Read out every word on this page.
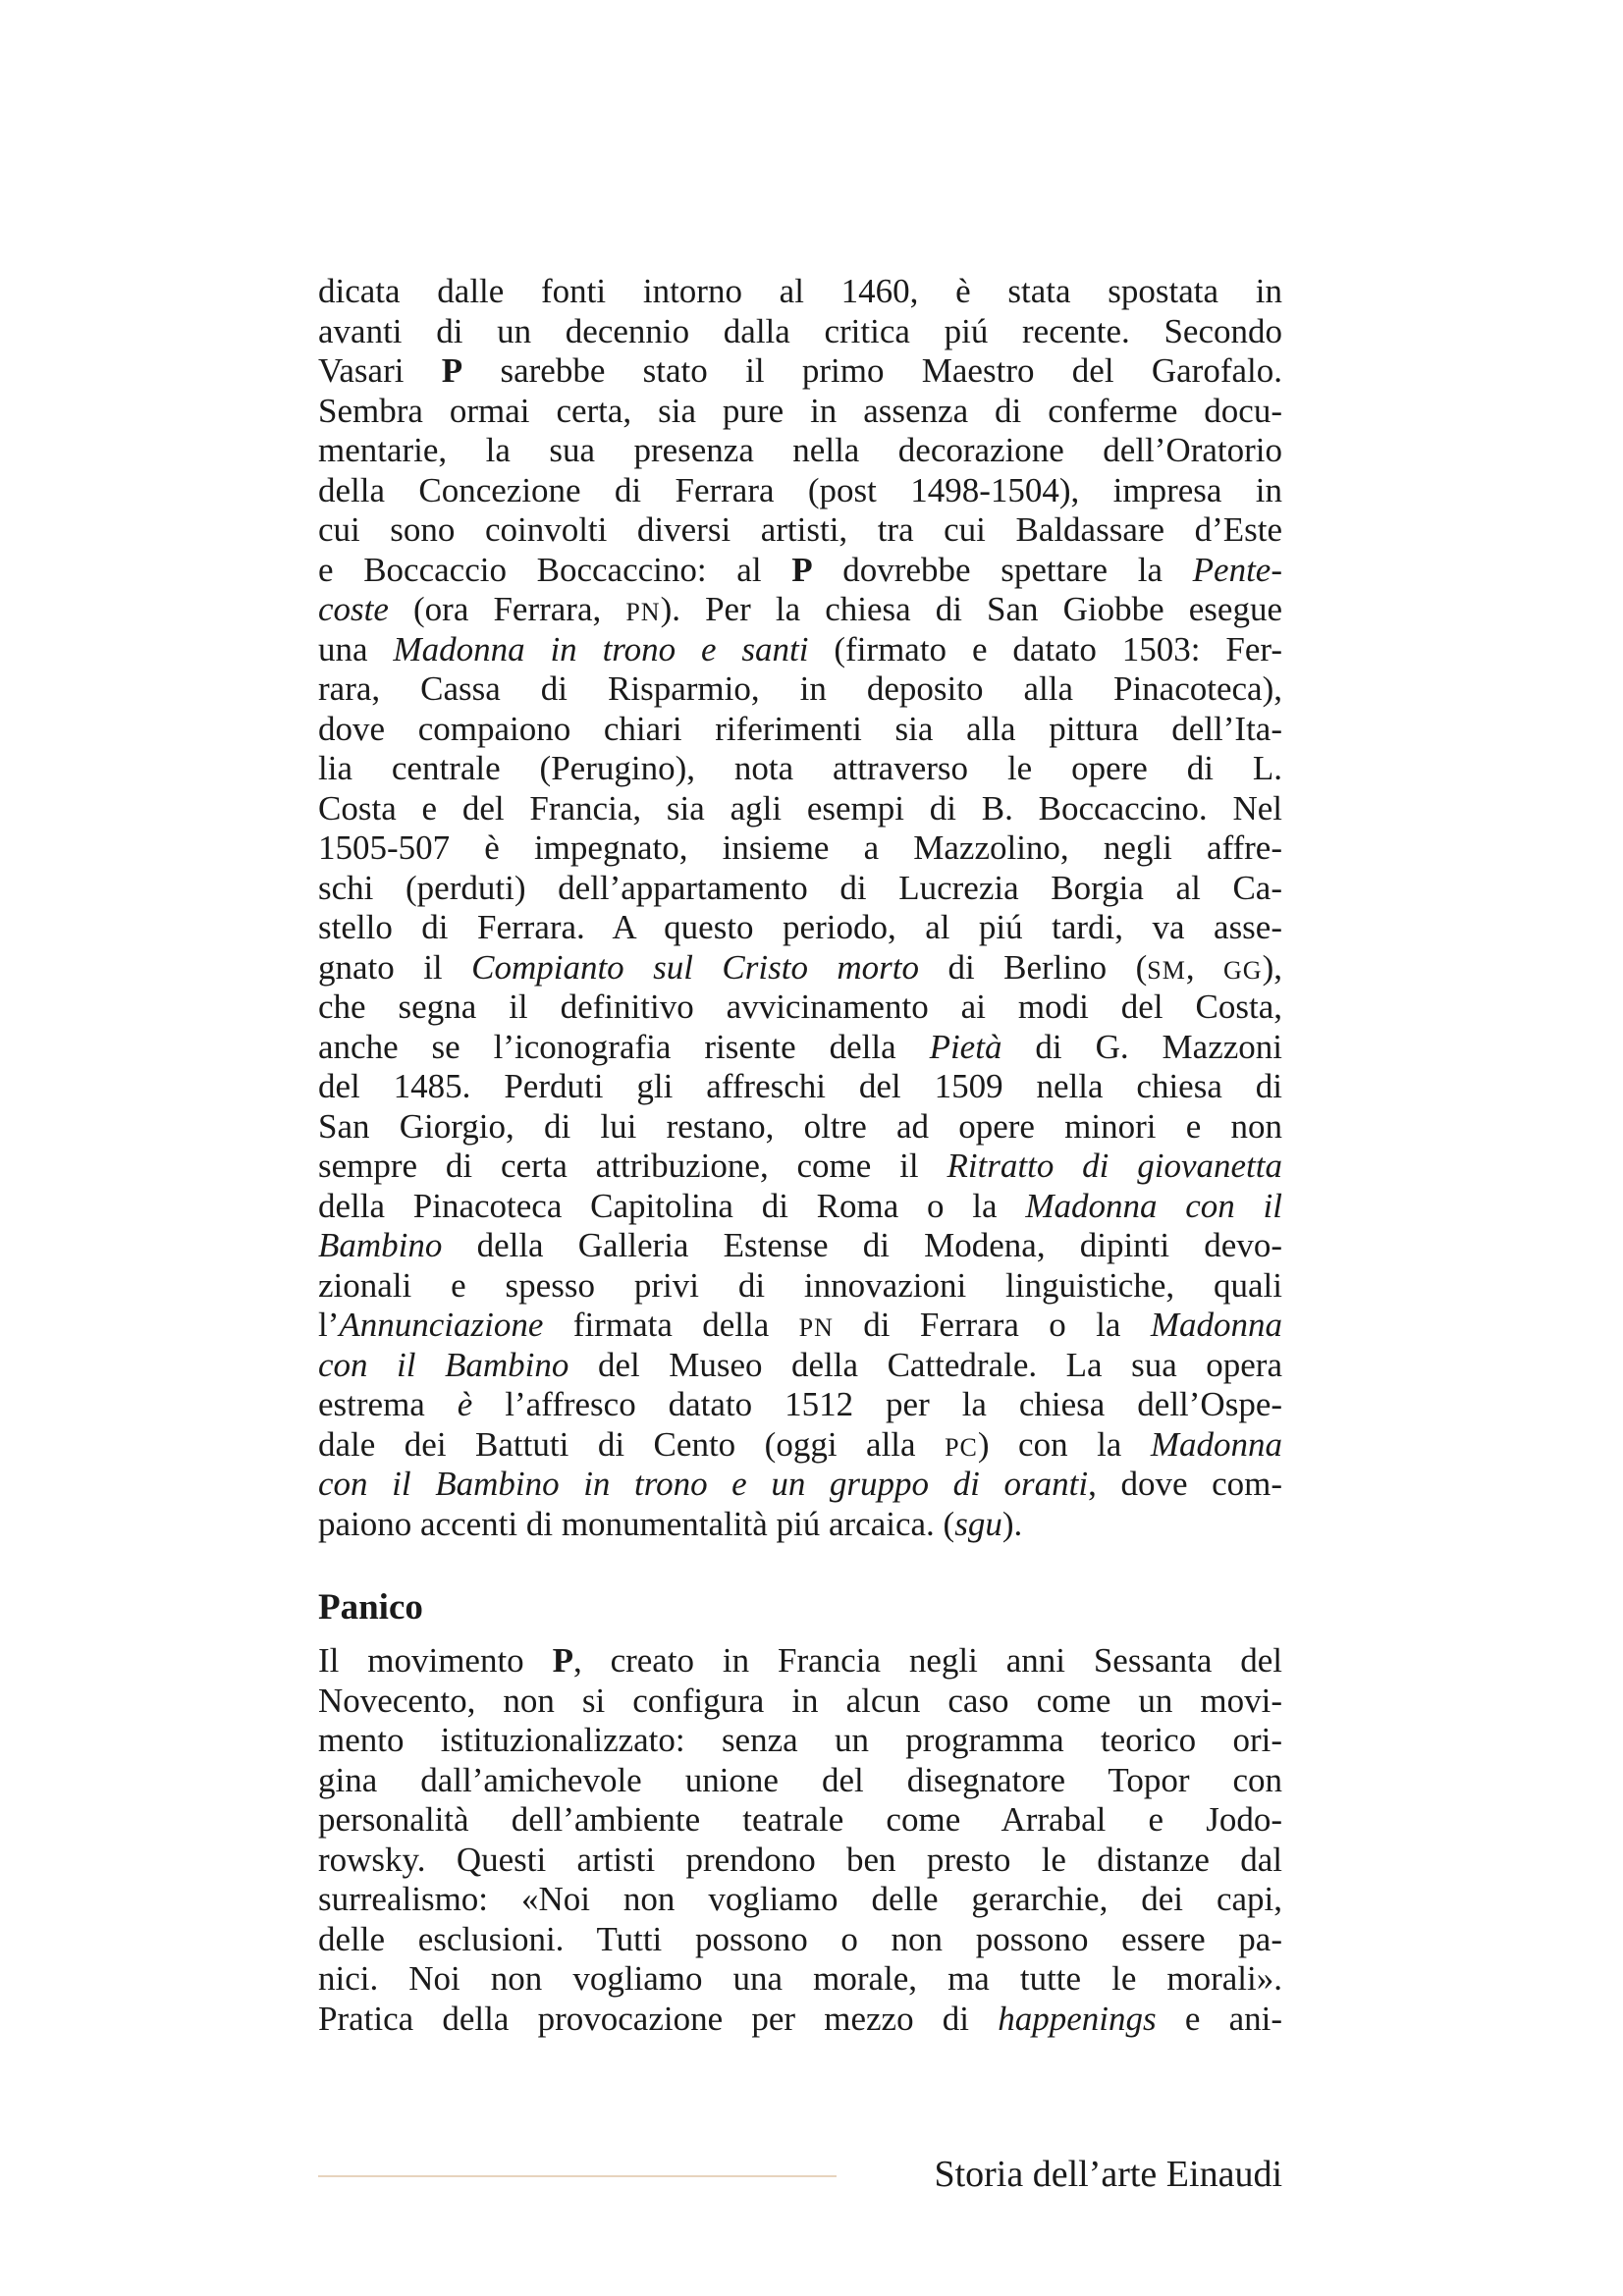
dicata dalle fonti intorno al 1460, è stata spostata in
avanti di un decennio dalla critica piú recente. Secondo
Vasari P sarebbe stato il primo Maestro del Garofalo.
Sembra ormai certa, sia pure in assenza di conferme docu-
mentarie, la sua presenza nella decorazione dell’Oratorio
della Concezione di Ferrara (post 1498-1504), impresa in
cui sono coinvolti diversi artisti, tra cui Baldassare d’Este
e Boccaccio Boccaccino: al P dovrebbe spettare la Pente-
coste (ora Ferrara, PN). Per la chiesa di San Giobbe esegue
una Madonna in trono e santi (firmato e datato 1503: Fer-
rara, Cassa di Risparmio, in deposito alla Pinacoteca),
dove compaiono chiari riferimenti sia alla pittura dell’Ita-
lia centrale (Perugino), nota attraverso le opere di L.
Costa e del Francia, sia agli esempi di B. Boccaccino. Nel
1505-507 è impegnato, insieme a Mazzolino, negli affre-
schi (perduti) dell’appartamento di Lucrezia Borgia al Ca-
stello di Ferrara. A questo periodo, al piú tardi, va asse-
gnato il Compianto sul Cristo morto di Berlino (SM, GG),
che segna il definitivo avvicinamento ai modi del Costa,
anche se l’iconografia risente della Pietà di G. Mazzoni
del 1485. Perduti gli affreschi del 1509 nella chiesa di
San Giorgio, di lui restano, oltre ad opere minori e non
sempre di certa attribuzione, come il Ritratto di giovanetta
della Pinacoteca Capitolina di Roma o la Madonna con il
Bambino della Galleria Estense di Modena, dipinti devo-
zionali e spesso privi di innovazioni linguistiche, quali
l’Annunciazione firmata della PN di Ferrara o la Madonna
con il Bambino del Museo della Cattedrale. La sua opera
estrema è l’affresco datato 1512 per la chiesa dell’Ospe-
dale dei Battuti di Cento (oggi alla PC) con la Madonna
con il Bambino in trono e un gruppo di oranti, dove com-
paiono accenti di monumentalità piú arcaica. (sgu).
Panico
Il movimento P, creato in Francia negli anni Sessanta del
Novecento, non si configura in alcun caso come un movi-
mento istituzionalizzato: senza un programma teorico ori-
gina dall’amichevole unione del disegnatore Topor con
personalità dell’ambiente teatrale come Arrabal e Jodo-
rowsky. Questi artisti prendono ben presto le distanze dal
surrealismo: «Noi non vogliamo delle gerarchie, dei capi,
delle esclusioni. Tutti possono o non possono essere pa-
nici. Noi non vogliamo una morale, ma tutte le morali».
Pratica della provocazione per mezzo di happenings e ani-
Storia dell’arte Einaudi
